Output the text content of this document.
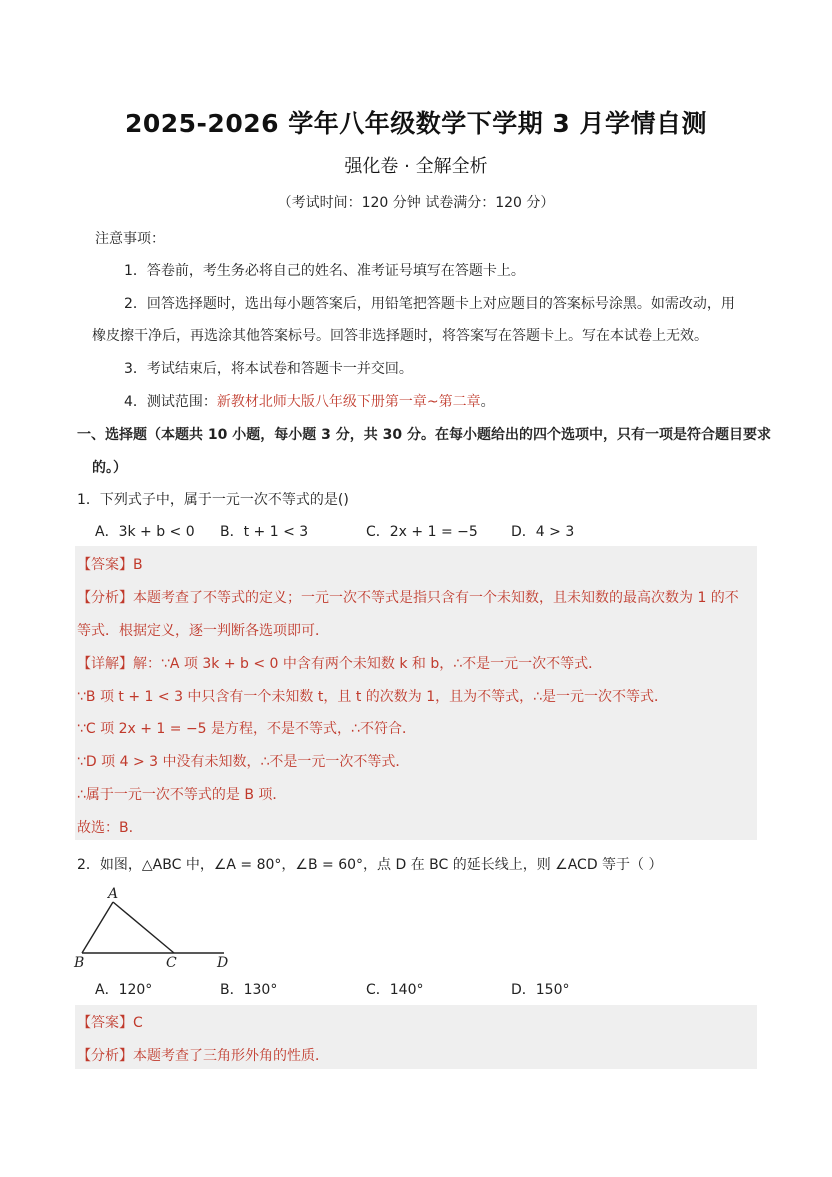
2025-2026 学年八年级数学下学期 3 月学情自测
强化卷 · 全解全析
（考试时间：120 分钟 试卷满分：120 分）
注意事项：
1．答卷前，考生务必将自己的姓名、准考证号填写在答题卡上。
2．回答选择题时，选出每小题答案后，用铅笔把答题卡上对应题目的答案标号涂黑。如需改动，用
橡皮擦干净后，再选涂其他答案标号。回答非选择题时，将答案写在答题卡上。写在本试卷上无效。
3．考试结束后，将本试卷和答题卡一并交回。
4．测试范围：新教材北师大版八年级下册第一章~第二章。
一、选择题（本题共 10 小题，每小题 3 分，共 30 分。在每小题给出的四个选项中，只有一项是符合题目要求
的。）
1．下列式子中，属于一元一次不等式的是()
A．3k + b < 0 B．t + 1 < 3	C．2x + 1 = −5 D．4 > 3
【答案】B
【分析】本题考查了不等式的定义；一元一次不等式是指只含有一个未知数，且未知数的最高次数为 1 的不
等式．根据定义，逐一判断各选项即可．
【详解】解：∵A 项 3k + b < 0 中含有两个未知数 k 和 b，∴不是一元一次不等式．
∵B 项 t + 1 < 3 中只含有一个未知数 t，且 t 的次数为 1，且为不等式，∴是一元一次不等式．
∵C 项 2x + 1 = −5 是方程，不是不等式，∴不符合．
∵D 项 4 > 3 中没有未知数，∴不是一元一次不等式．
∴属于一元一次不等式的是 B 项．
故选：B.
2．如图，△ABC 中，∠A = 80°，∠B = 60°，点 D 在 BC 的延长线上，则 ∠ACD 等于（ ）
A
B	C	D
A．120°	B．130°	C．140°	D．150°
【答案】C
【分析】本题考查了三角形外角的性质．
